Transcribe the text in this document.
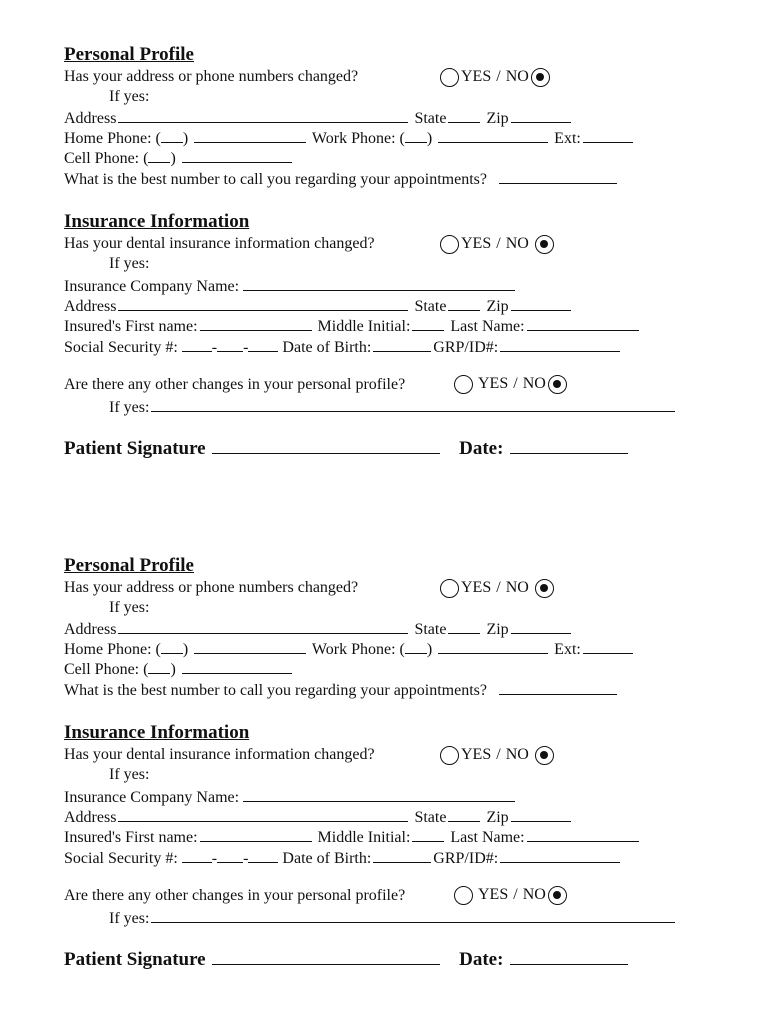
Personal Profile
Has your address or phone numbers changed?	YES / NO
If yes:
Address	State	Zip
Home Phone: ( )	Work Phone: ( )	Ext:
Cell Phone: ( )
What is the best number to call you regarding your appointments?
Insurance Information
Has your dental insurance information changed?	YES / NO
If yes:
Insurance Company Name:
Address	State	Zip
Insured's First name:	Middle Initial:	Last Name:
Social Security #: - - Date of Birth:	GRP/ID#:
Are there any other changes in your personal profile?	YES / NO
If yes:
Patient Signature	Date:
Personal Profile
Has your address or phone numbers changed?	YES / NO
If yes:
Address	State	Zip
Home Phone: ( )	Work Phone: ( )	Ext:
Cell Phone: ( )
What is the best number to call you regarding your appointments?
Insurance Information
Has your dental insurance information changed?	YES / NO
If yes:
Insurance Company Name:
Address	State	Zip
Insured's First name:	Middle Initial:	Last Name:
Social Security #: - - Date of Birth:	GRP/ID#:
Are there any other changes in your personal profile?	YES / NO
If yes:
Patient Signature	Date:
